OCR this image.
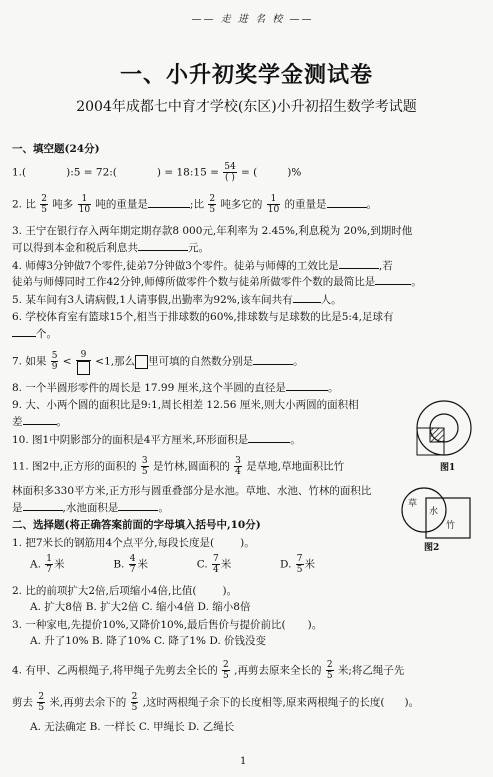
—— 走 进 名 校 ——
一、小升初奖学金测试卷
2004年成都七中育才学校(东区)小升初招生数学考试题
一、填空题(24分)
1.(	):5 = 72:(	) = 18:15 = $\frac{54}{( )}$ = (	)%
2. 比 $\frac{2}{5}$ 吨多 $\frac{1}{10}$ 吨的重量是	;比 $\frac{2}{5}$ 吨多它的 $\frac{1}{10}$ 的重量是	。
3. 王宁在银行存入两年期定期存款8 000元,年利率为 2.45%,利息税为 20%,到期时他
可以得到本金和税后利息共	元。
4. 师傅3分钟做7个零件,徒弟7分钟做3个零件。徒弟与师傅的工效比是	,若
徒弟与师傅同时工作42分钟,师傅所做零件个数与徒弟所做零件个数的最简比是	。
5. 某车间有3人请病假,1人请事假,出勤率为92%,该车间共有	人。
6. 学校体育室有篮球15个,相当于排球数的60%,排球数与足球数的比是5:4,足球有
个。
7. 如果 $\frac{5}{9}$ <
9
<1,那么 里可填的自然数分别是	。
8. 一个半圆形零件的周长是 17.99 厘米,这个半圆的直径是	。
9. 大、小两个圆的面积比是9:1,周长相差 12.56 厘米,则大小两圆的面积相
差	。
10. 图1中阴影部分的面积是4平方厘米,环形面积是	。
11. 图2中,正方形的面积的 $\frac{3}{5}$ 是竹林,圆面积的 $\frac{3}{4}$ 是草地,草地面积比竹
林面积多330平方米,正方形与圆重叠部分是水池。草地、水池、竹林的面积比
是	,水池面积是	。
图1
草
水
竹
图2
二、选择题(将正确答案前面的字母填入括号中,10分)
1. 把7米长的钢筋用4个点平分,每段长度是( )。
A. $\frac{1}{7}$ 米	B. $\frac{4}{7}$ 米	C. $\frac{7}{4}$ 米	D. $\frac{7}{5}$ 米
2. 比的前项扩大2倍,后项缩小4倍,比值( )。
A. 扩大8倍 B. 扩大2倍 C. 缩小4倍 D. 缩小8倍
3. 一种家电,先提价10%,又降价10%,最后售价与提价前比( )。
A. 升了10% B. 降了10% C. 降了1% D. 价钱没变
4. 有甲、乙两根绳子,将甲绳子先剪去全长的 $\frac{2}{5}$ ,再剪去原来全长的 $\frac{2}{5}$ 米;将乙绳子先
剪去 $\frac{2}{5}$ 米,再剪去余下的 $\frac{2}{5}$ ,这时两根绳子余下的长度相等,原来两根绳子的长度( )。
A. 无法确定 B. 一样长 C. 甲绳长 D. 乙绳长
1
